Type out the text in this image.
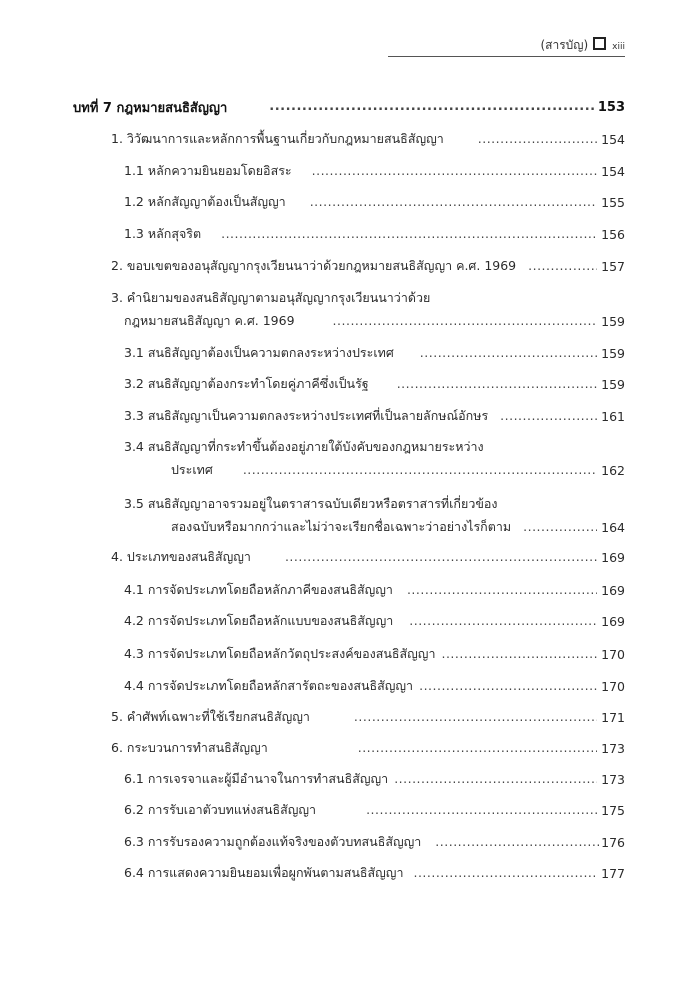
(สารบัญ)	xiii
บทที่ 7 กฎหมายสนธิสัญญา .....	153
1. วิวัฒนาการและหลักการพื้นฐานเกี่ยวกับกฎหมายสนธิสัญญา .....	154
1.1 หลักความยินยอมโดยอิสระ .....	154
1.2 หลักสัญญาต้องเป็นสัญญา .....	155
1.3 หลักสุจริต .....	156
2. ขอบเขตของอนุสัญญากรุงเวียนนาว่าด้วยกฎหมายสนธิสัญญา ค.ศ. 1969 .....	157
3. คำนิยามของสนธิสัญญาตามอนุสัญญากรุงเวียนนาว่าด้วย
กฎหมายสนธิสัญญา ค.ศ. 1969 .....	159
3.1 สนธิสัญญาต้องเป็นความตกลงระหว่างประเทศ .....	159
3.2 สนธิสัญญาต้องกระทำโดยคู่ภาคีซึ่งเป็นรัฐ .....	159
3.3 สนธิสัญญาเป็นความตกลงระหว่างประเทศที่เป็นลายลักษณ์อักษร .....	161
3.4 สนธิสัญญาที่กระทำขึ้นต้องอยู่ภายใต้บังคับของกฎหมายระหว่าง
ประเทศ .....	162
3.5 สนธิสัญญาอาจรวมอยู่ในตราสารฉบับเดียวหรือตราสารที่เกี่ยวข้อง
สองฉบับหรือมากกว่าและไม่ว่าจะเรียกชื่อเฉพาะว่าอย่างไรก็ตาม .....	164
4. ประเภทของสนธิสัญญา .....	169
4.1 การจัดประเภทโดยถือหลักภาคีของสนธิสัญญา .....	169
4.2 การจัดประเภทโดยถือหลักแบบของสนธิสัญญา .....	169
4.3 การจัดประเภทโดยถือหลักวัตถุประสงค์ของสนธิสัญญา .....	170
4.4 การจัดประเภทโดยถือหลักสารัตถะของสนธิสัญญา .....	170
5. คำศัพท์เฉพาะที่ใช้เรียกสนธิสัญญา .....	171
6. กระบวนการทำสนธิสัญญา .....	173
6.1 การเจรจาและผู้มีอำนาจในการทำสนธิสัญญา .....	173
6.2 การรับเอาตัวบทแห่งสนธิสัญญา .....	175
6.3 การรับรองความถูกต้องแท้จริงของตัวบทสนธิสัญญา .....	176
6.4 การแสดงความยินยอมเพื่อผูกพันตามสนธิสัญญา .....	177
